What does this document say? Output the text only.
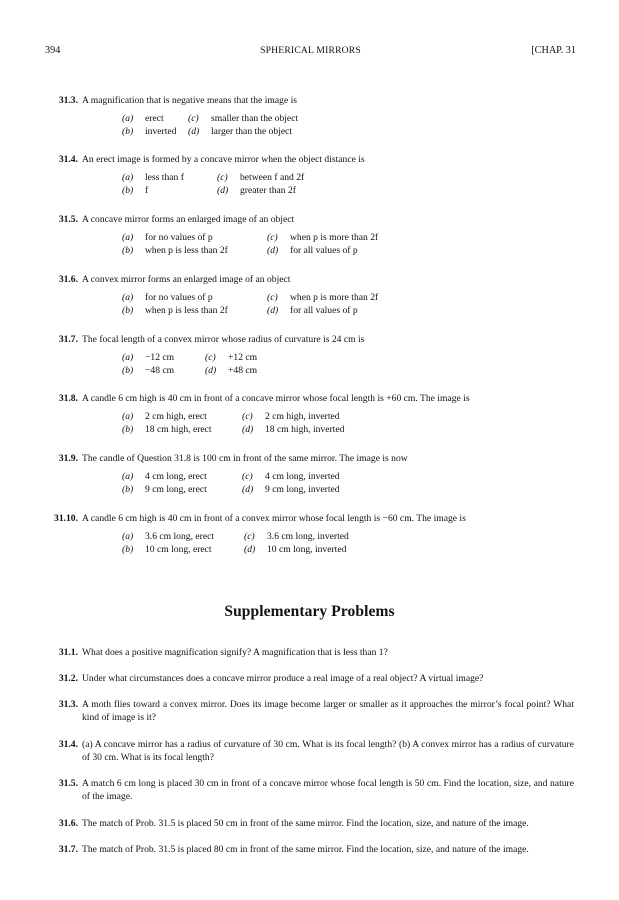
394	SPHERICAL MIRRORS	[CHAP. 31
31.3. A magnification that is negative means that the image is
(a) erect
(b) inverted
(c) smaller than the object
(d) larger than the object
31.4. An erect image is formed by a concave mirror when the object distance is
(a) less than f
(b) f
(c) between f and 2f
(d) greater than 2f
31.5. A concave mirror forms an enlarged image of an object
(a) for no values of p
(b) when p is less than 2f
(c) when p is more than 2f
(d) for all values of p
31.6. A convex mirror forms an enlarged image of an object
(a) for no values of p
(b) when p is less than 2f
(c) when p is more than 2f
(d) for all values of p
31.7. The focal length of a convex mirror whose radius of curvature is 24 cm is
(a) −12 cm
(b) −48 cm
(c) +12 cm
(d) +48 cm
31.8. A candle 6 cm high is 40 cm in front of a concave mirror whose focal length is +60 cm. The image is
(a) 2 cm high, erect
(b) 18 cm high, erect
(c) 2 cm high, inverted
(d) 18 cm high, inverted
31.9. The candle of Question 31.8 is 100 cm in front of the same mirror. The image is now
(a) 4 cm long, erect
(b) 9 cm long, erect
(c) 4 cm long, inverted
(d) 9 cm long, inverted
31.10. A candle 6 cm high is 40 cm in front of a convex mirror whose focal length is −60 cm. The image is
(a) 3.6 cm long, erect
(b) 10 cm long, erect
(c) 3.6 cm long, inverted
(d) 10 cm long, inverted
Supplementary Problems
31.1. What does a positive magnification signify? A magnification that is less than 1?
31.2. Under what circumstances does a concave mirror produce a real image of a real object? A virtual image?
31.3. A moth flies toward a convex mirror. Does its image become larger or smaller as it approaches the mirror’s focal point? What kind of image is it?
31.4. (a) A concave mirror has a radius of curvature of 30 cm. What is its focal length? (b) A convex mirror has a radius of curvature of 30 cm. What is its focal length?
31.5. A match 6 cm long is placed 30 cm in front of a concave mirror whose focal length is 50 cm. Find the location, size, and nature of the image.
31.6. The match of Prob. 31.5 is placed 50 cm in front of the same mirror. Find the location, size, and nature of the image.
31.7. The match of Prob. 31.5 is placed 80 cm in front of the same mirror. Find the location, size, and nature of the image.
